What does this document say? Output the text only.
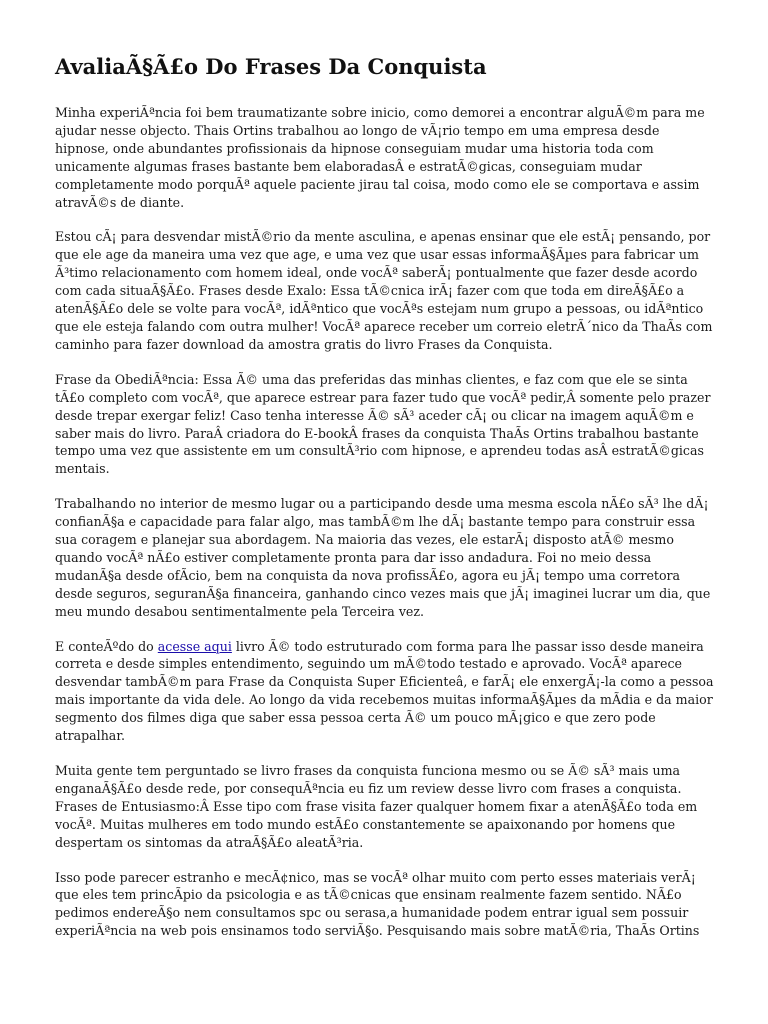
AvaliaÃ§Ã£o Do Frases Da Conquista

Minha experiÃªncia foi bem traumatizante sobre inicio, como demorei a encontrar alguÃ©m para me ajudar nesse objecto. Thais Ortins trabalhou ao longo de vÃ¡rio tempo em uma empresa desde hipnose, onde abundantes profissionais da hipnose conseguiam mudar uma historia toda com unicamente algumas frases bastante bem elaboradasÂ e estratÃ©gicas, conseguiam mudar completamente modo porquÃª aquele paciente jirau tal coisa, modo como ele se comportava e assim atravÃ©s de diante.

Estou cÃ¡ para desvendar mistÃ©rio da mente asculina, e apenas ensinar que ele estÃ¡ pensando, por que ele age da maneira uma vez que age, e uma vez que usar essas informaÃ§Ãµes para fabricar um Ã³timo relacionamento com homem ideal, onde vocÃª saberÃ¡ pontualmente que fazer desde acordo com cada situaÃ§Ã£o. Frases desde Exalo: Essa tÃ©cnica irÃ¡ fazer com que toda em direÃ§Ã£o a atenÃ§Ã£o dele se volte para vocÃª, idÃªntico que vocÃªs estejam num grupo a pessoas, ou idÃªntico que ele esteja falando com outra mulher! VocÃª aparece receber um correio eletrÃ´nico da ThaÃs com caminho para fazer download da amostra gratis do livro Frases da Conquista.

Frase da ObediÃªncia: Essa Ã© uma das preferidas das minhas clientes, e faz com que ele se sinta tÃ£o completo com vocÃª, que aparece estrear para fazer tudo que vocÃª pedir,Â somente pelo prazer desde trepar exergar feliz! Caso tenha interesse Ã© sÃ³ aceder cÃ¡ ou clicar na imagem aquÃ©m e saber mais do livro. ParaÂ criadora do E-bookÂ frases da conquista ThaÃs Ortins trabalhou bastante tempo uma vez que assistente em um consultÃ³rio com hipnose, e aprendeu todas asÂ estratÃ©gicas mentais.

Trabalhando no interior de mesmo lugar ou a participando desde uma mesma escola nÃ£o sÃ³ lhe dÃ¡ confianÃ§a e capacidade para falar algo, mas tambÃ©m lhe dÃ¡ bastante tempo para construir essa sua coragem e planejar sua abordagem. Na maioria das vezes, ele estarÃ¡ disposto atÃ© mesmo quando vocÃª nÃ£o estiver completamente pronta para dar isso andadura. Foi no meio dessa mudanÃ§a desde ofÃcio, bem na conquista da nova profissÃ£o, agora eu jÃ¡ tempo uma corretora desde seguros, seguranÃ§a financeira, ganhando cinco vezes mais que jÃ¡ imaginei lucrar um dia, que meu mundo desabou sentimentalmente pela Terceira vez.

E conteÃºdo do acesse aqui livro Ã© todo estruturado com forma para lhe passar isso desde maneira correta e desde simples entendimento, seguindo um mÃ©todo testado e aprovado. VocÃª aparece desvendar tambÃ©m para Frase da Conquista Super Eficienteâ, e farÃ¡ ele enxergÃ¡-la como a pessoa mais importante da vida dele. Ao longo da vida recebemos muitas informaÃ§Ãµes da mÃdia e da maior segmento dos filmes diga que saber essa pessoa certa Ã© um pouco mÃ¡gico e que zero pode atrapalhar.

Muita gente tem perguntado se livro frases da conquista funciona mesmo ou se Ã© sÃ³ mais uma enganaÃ§Ã£o desde rede, por consequÃªncia eu fiz um review desse livro com frases a conquista. Frases de Entusiasmo:Â Esse tipo com frase visita fazer qualquer homem fixar a atenÃ§Ã£o toda em vocÃª. Muitas mulheres em todo mundo estÃ£o constantemente se apaixonando por homens que despertam os sintomas da atraÃ§Ã£o aleatÃ³ria.

Isso pode parecer estranho e mecÃ¢nico, mas se vocÃª olhar muito com perto esses materiais verÃ¡ que eles tem princÃpio da psicologia e as tÃ©cnicas que ensinam realmente fazem sentido. NÃ£o pedimos endereÃ§o nem consultamos spc ou serasa,a humanidade podem entrar igual sem possuir experiÃªncia na web pois ensinamos todo serviÃ§o. Pesquisando mais sobre matÃ©ria, ThaÃs Ortins
